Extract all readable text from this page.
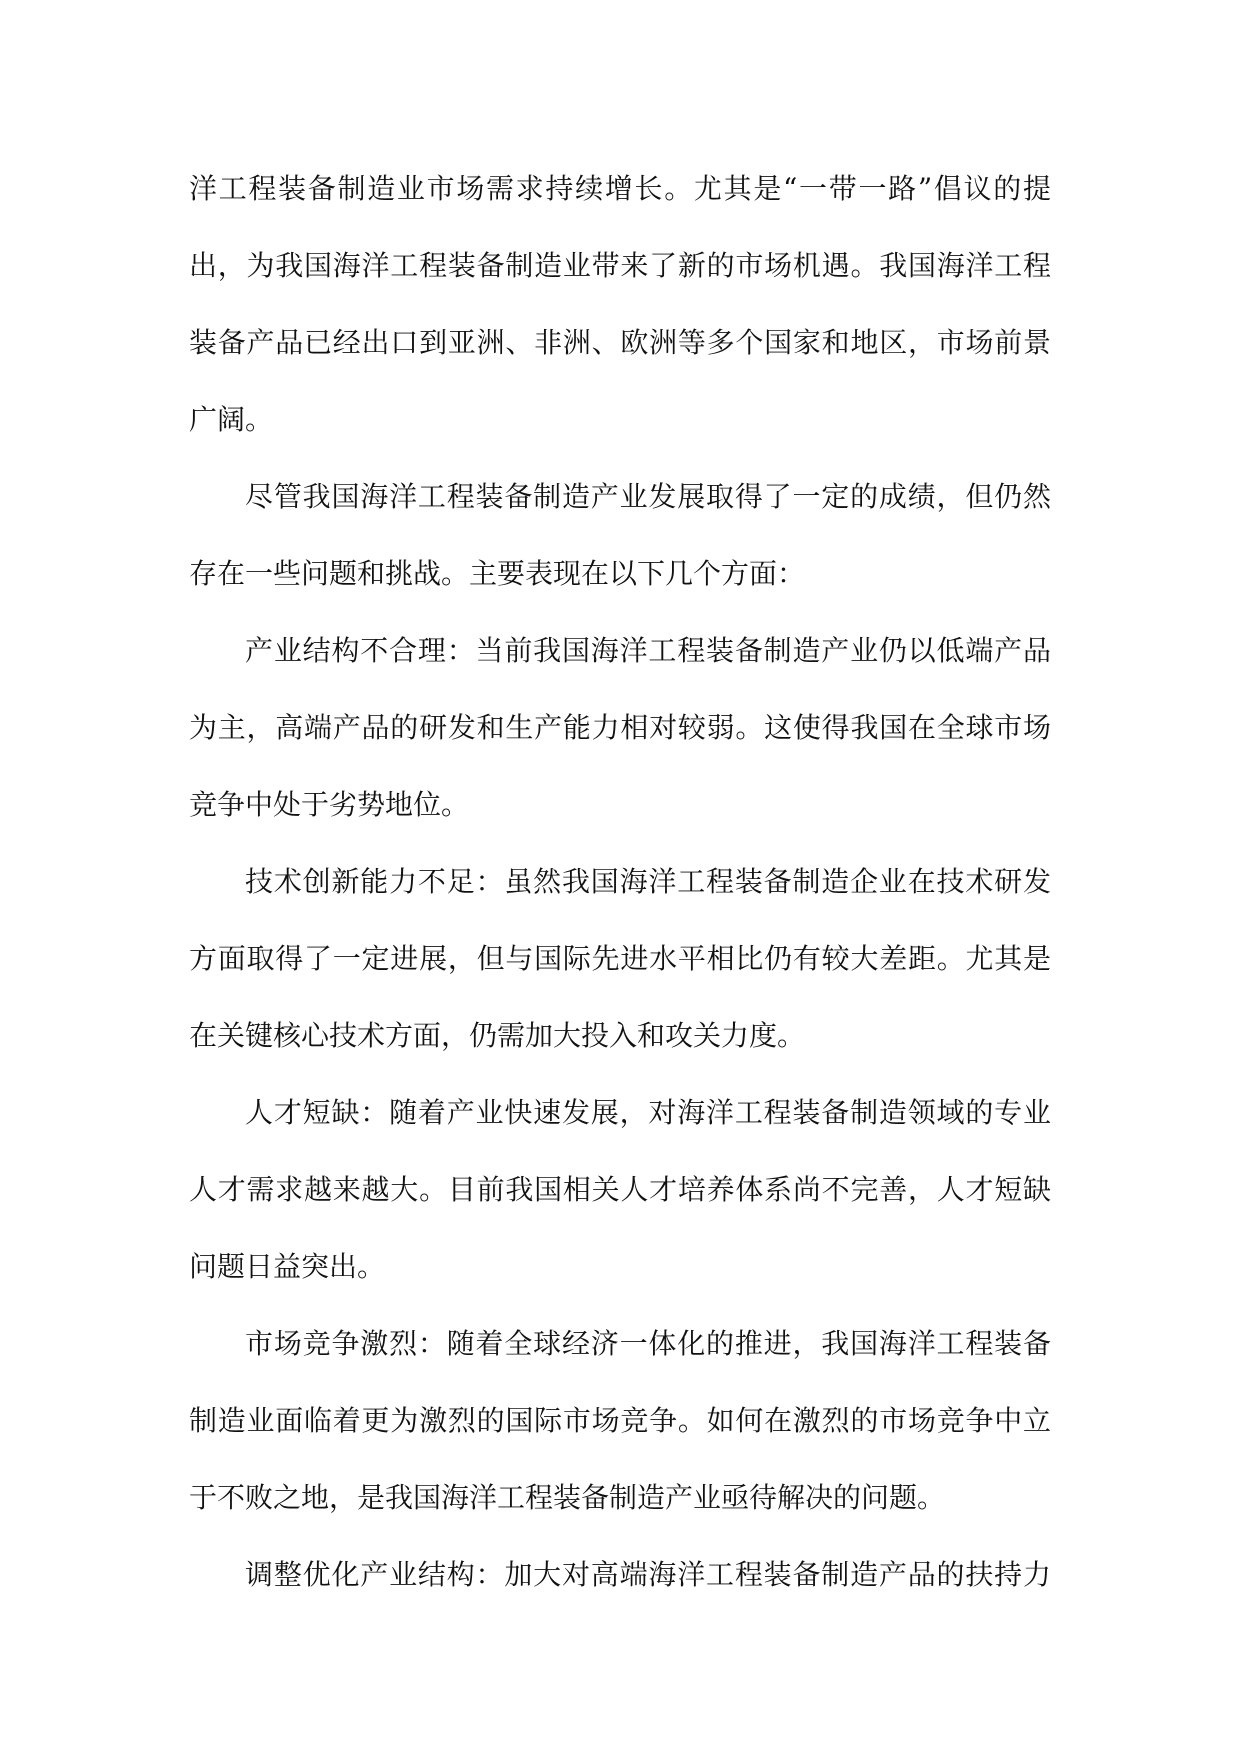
洋工程装备制造业市场需求持续增长。尤其是“一带一路”倡议的提
出，为我国海洋工程装备制造业带来了新的市场机遇。我国海洋工程
装备产品已经出口到亚洲、非洲、欧洲等多个国家和地区，市场前景
广阔。
尽管我国海洋工程装备制造产业发展取得了一定的成绩，但仍然
存在一些问题和挑战。主要表现在以下几个方面：
产业结构不合理：当前我国海洋工程装备制造产业仍以低端产品
为主，高端产品的研发和生产能力相对较弱。这使得我国在全球市场
竞争中处于劣势地位。
技术创新能力不足：虽然我国海洋工程装备制造企业在技术研发
方面取得了一定进展，但与国际先进水平相比仍有较大差距。尤其是
在关键核心技术方面，仍需加大投入和攻关力度。
人才短缺：随着产业快速发展，对海洋工程装备制造领域的专业
人才需求越来越大。目前我国相关人才培养体系尚不完善，人才短缺
问题日益突出。
市场竞争激烈：随着全球经济一体化的推进，我国海洋工程装备
制造业面临着更为激烈的国际市场竞争。如何在激烈的市场竞争中立
于不败之地，是我国海洋工程装备制造产业亟待解决的问题。
调整优化产业结构：加大对高端海洋工程装备制造产品的扶持力
